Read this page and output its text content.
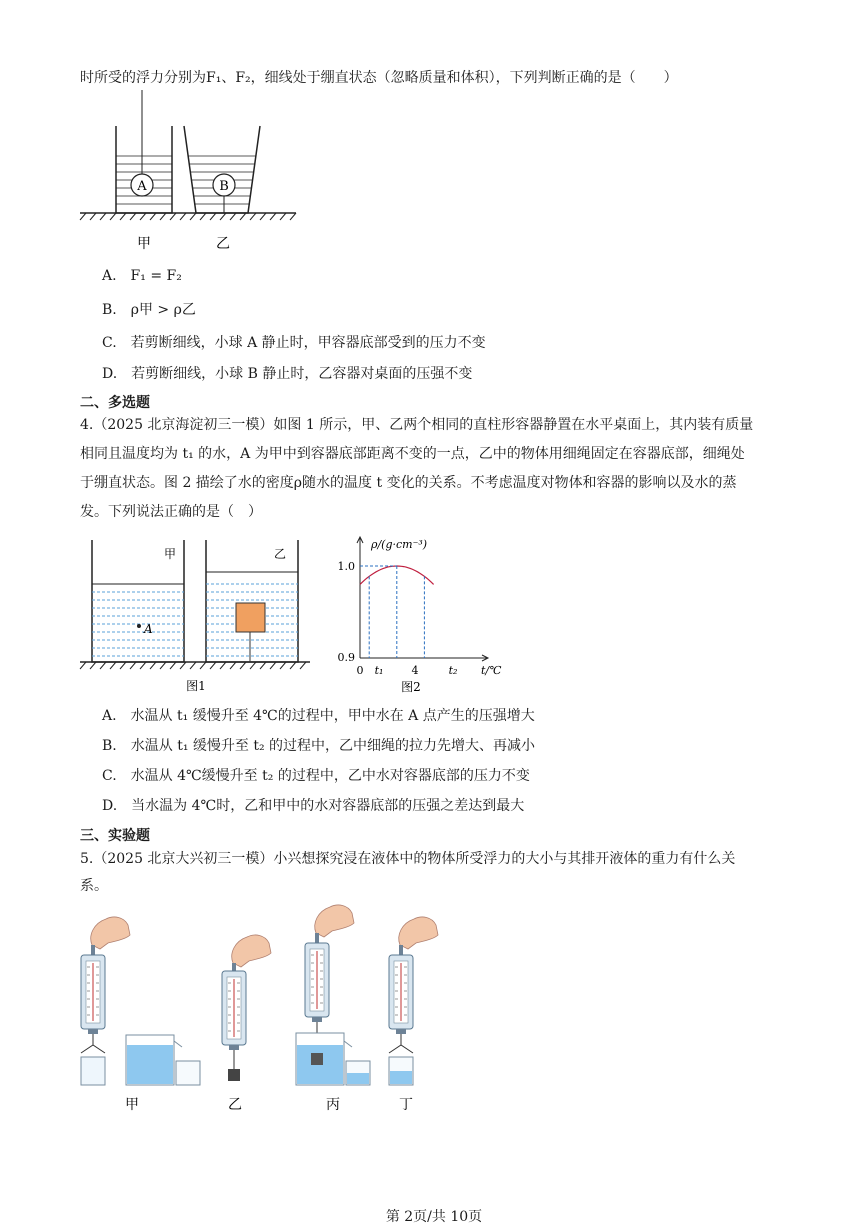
时所受的浮力分别为F₁、F₂，细线处于绷直状态（忽略质量和体积），下列判断正确的是（　　）
A	B
甲	乙
A.　F₁ = F₂
B.　ρ甲 > ρ乙
C.　若剪断细线，小球 A 静止时，甲容器底部受到的压力不变
D.　若剪断细线，小球 B 静止时，乙容器对桌面的压强不变
二、多选题
4.（2025 北京海淀初三一模）如图 1 所示，甲、乙两个相同的直柱形容器静置在水平桌面上，其内装有质量
相同且温度均为 t₁ 的水，A 为甲中到容器底部距离不变的一点，乙中的物体用细绳固定在容器底部，细绳处
于绷直状态。图 2 描绘了水的密度ρ随水的温度 t 变化的关系。不考虑温度对物体和容器的影响以及水的蒸
发。下列说法正确的是（　）
A
甲	乙
图1
ρ/(g·cm⁻³)
t/℃
1.0
0.9
0 t₁	4	t₂
图2
A.　水温从 t₁ 缓慢升至 4℃的过程中，甲中水在 A 点产生的压强增大
B.　水温从 t₁ 缓慢升至 t₂ 的过程中，乙中细绳的拉力先增大、再减小
C.　水温从 4℃缓慢升至 t₂ 的过程中，乙中水对容器底部的压力不变
D.　当水温为 4℃时，乙和甲中的水对容器底部的压强之差达到最大
三、实验题
5.（2025 北京大兴初三一模）小兴想探究浸在液体中的物体所受浮力的大小与其排开液体的重力有什么关
系。
甲	乙	丙	丁
第 2页/共 10页
